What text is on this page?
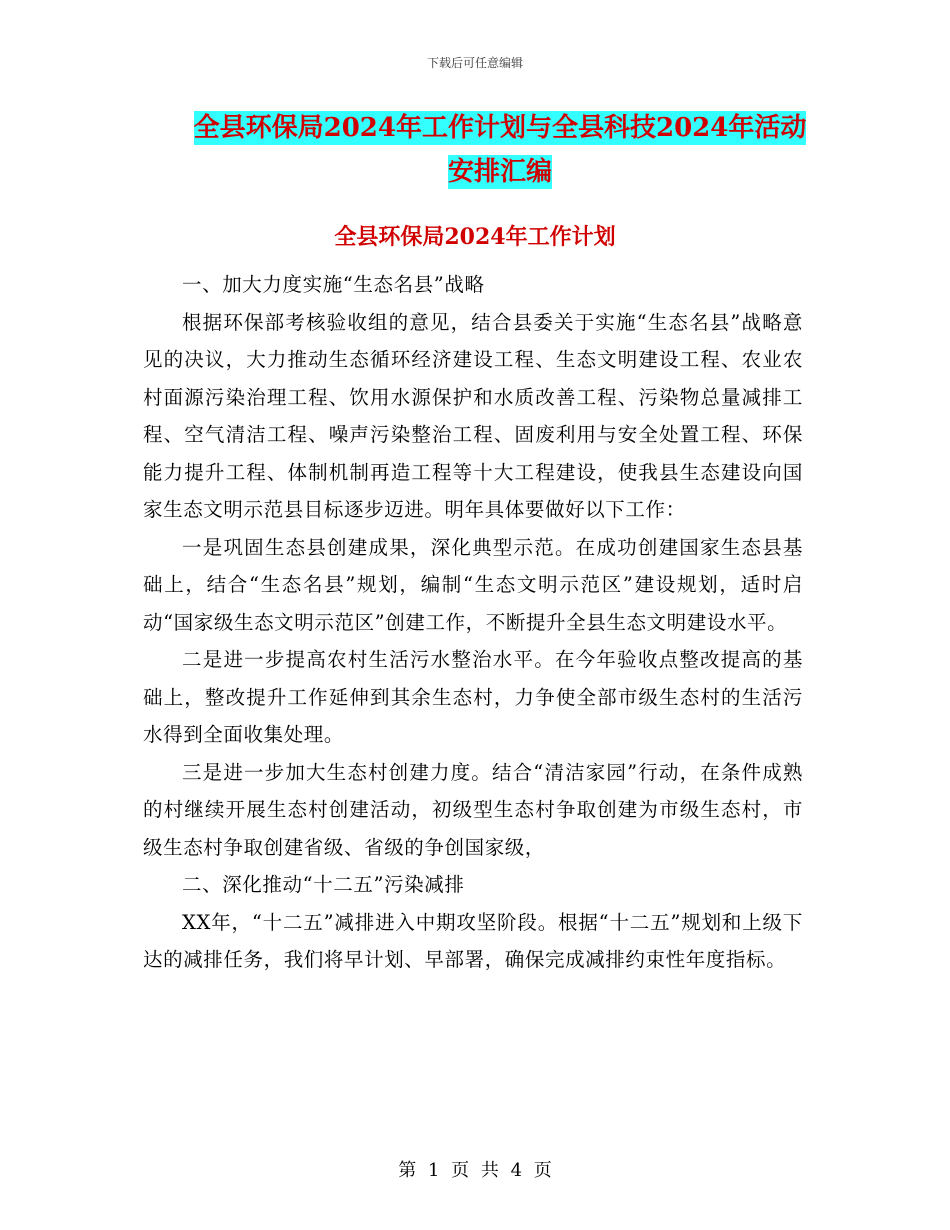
下载后可任意编辑
全县环保局2024年工作计划与全县科技2024年活动
安排汇编
全县环保局2024年工作计划

一、加大力度实施“生态名县”战略

根据环保部考核验收组的意见，结合县委关于实施“生态名县”战略意见的决议，大力推动生态循环经济建设工程、生态文明建设工程、农业农村面源污染治理工程、饮用水源保护和水质改善工程、污染物总量减排工程、空气清洁工程、噪声污染整治工程、固废利用与安全处置工程、环保能力提升工程、体制机制再造工程等十大工程建设，使我县生态建设向国家生态文明示范县目标逐步迈进。明年具体要做好以下工作：

一是巩固生态县创建成果，深化典型示范。在成功创建国家生态县基础上，结合“生态名县”规划，编制“生态文明示范区”建设规划，适时启动“国家级生态文明示范区”创建工作，不断提升全县生态文明建设水平。

二是进一步提高农村生活污水整治水平。在今年验收点整改提高的基础上，整改提升工作延伸到其余生态村，力争使全部市级生态村的生活污水得到全面收集处理。

三是进一步加大生态村创建力度。结合“清洁家园”行动，在条件成熟的村继续开展生态村创建活动，初级型生态村争取创建为市级生态村，市级生态村争取创建省级、省级的争创国家级，

二、深化推动“十二五”污染减排

XX年，“十二五”减排进入中期攻坚阶段。根据“十二五”规划和上级下达的减排任务，我们将早计划、早部署，确保完成减排约束性年度指标。

第 1 页 共 4 页
